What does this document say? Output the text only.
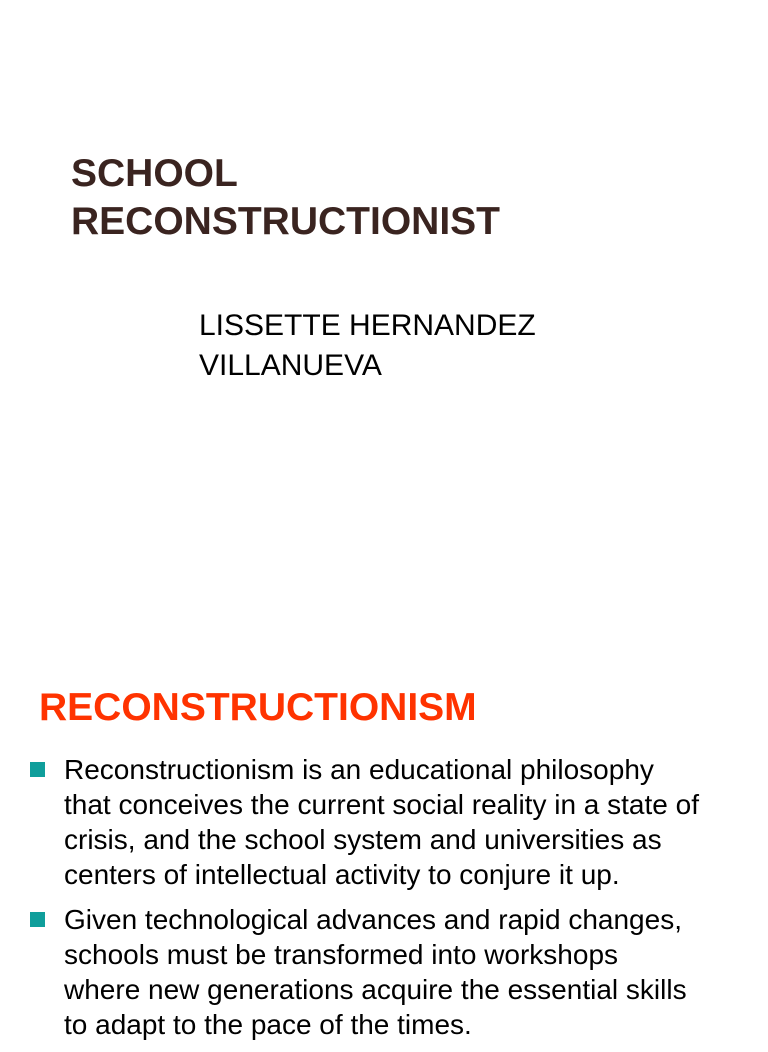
SCHOOL
RECONSTRUCTIONIST
LISSETTE HERNANDEZ
VILLANUEVA
RECONSTRUCTIONISM
Reconstructionism is an educational philosophy
that conceives the current social reality in a state of
crisis, and the school system and universities as
centers of intellectual activity to conjure it up.
Given technological advances and rapid changes,
schools must be transformed into workshops
where new generations acquire the essential skills
to adapt to the pace of the times.
